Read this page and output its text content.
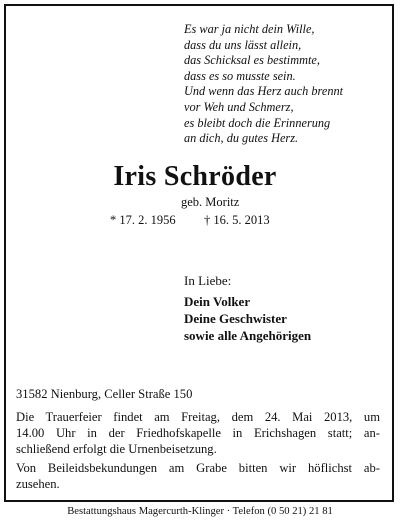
Es war ja nicht dein Wille,
dass du uns lässt allein,
das Schicksal es bestimmte,
dass es so musste sein.
Und wenn das Herz auch brennt
vor Weh und Schmerz,
es bleibt doch die Erinnerung
an dich, du gutes Herz.
Iris Schröder
geb. Moritz
* 17. 2. 1956 † 16. 5. 2013
In Liebe:
Dein Volker
Deine Geschwister
sowie alle Angehörigen
31582 Nienburg, Celler Straße 150
Die Trauerfeier findet am Freitag, dem 24. Mai 2013, um
14.00 Uhr in der Friedhofskapelle in Erichshagen statt; an-
schließend erfolgt die Urnenbeisetzung.
Von Beileidsbekundungen am Grabe bitten wir höflichst ab-
zusehen.
Bestattungshaus Magercurth-Klinger · Telefon (0 50 21) 21 81
